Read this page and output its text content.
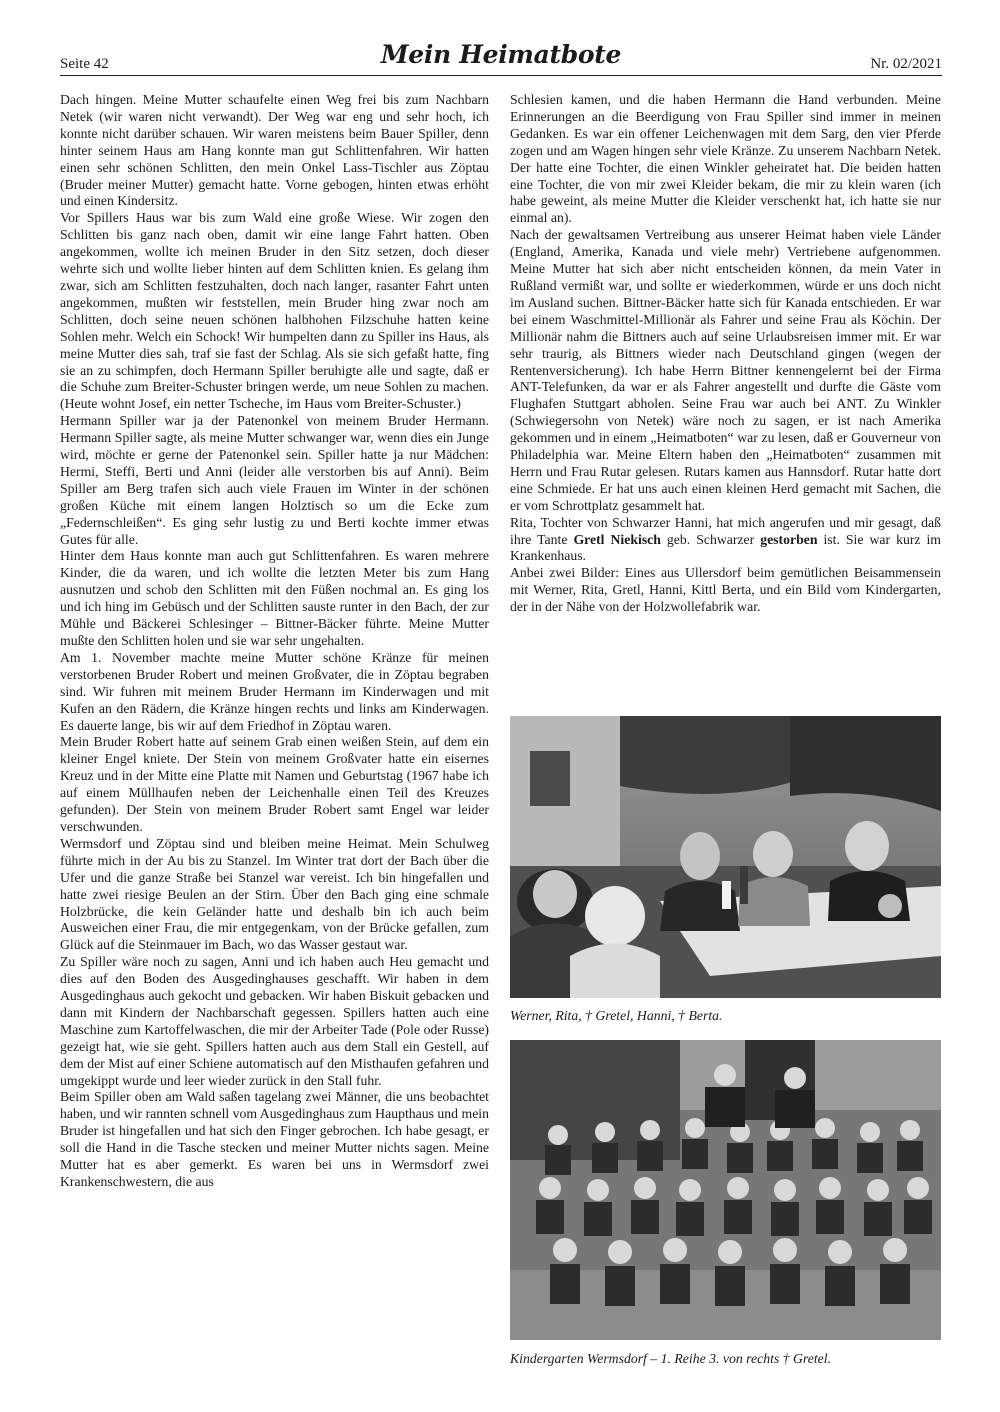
Seite 42	Mein Heimatbote	Nr. 02/2021

Dach hingen. Meine Mutter schaufelte einen Weg frei bis zum Nachbarn Netek (wir waren nicht verwandt). Der Weg war eng und sehr hoch, ich konnte nicht darüber schauen. Wir waren meistens beim Bauer Spiller, denn hinter seinem Haus am Hang konnte man gut Schlittenfahren. Wir hatten einen sehr schönen Schlitten, den mein Onkel Lass-Tischler aus Zöptau (Bruder meiner Mutter) gemacht hatte. Vorne gebogen, hinten etwas erhöht und einen Kindersitz.

Vor Spillers Haus war bis zum Wald eine große Wiese. Wir zogen den Schlitten bis ganz nach oben, damit wir eine lange Fahrt hatten. Oben angekommen, wollte ich meinen Bruder in den Sitz setzen, doch dieser wehrte sich und wollte lieber hinten auf dem Schlitten knien. Es gelang ihm zwar, sich am Schlitten festzuhalten, doch nach langer, rasanter Fahrt unten angekommen, mußten wir feststellen, mein Bruder hing zwar noch am Schlitten, doch seine neuen schönen halbhohen Filzschuhe hatten keine Sohlen mehr. Welch ein Schock! Wir humpelten dann zu Spiller ins Haus, als meine Mutter dies sah, traf sie fast der Schlag. Als sie sich gefaßt hatte, fing sie an zu schimpfen, doch Hermann Spiller beruhigte alle und sagte, daß er die Schuhe zum Breiter-Schuster bringen werde, um neue Sohlen zu machen. (Heute wohnt Josef, ein netter Tscheche, im Haus vom Breiter-Schuster.)

Hermann Spiller war ja der Patenonkel von meinem Bruder Hermann. Hermann Spiller sagte, als meine Mutter schwanger war, wenn dies ein Junge wird, möchte er gerne der Patenonkel sein. Spiller hatte ja nur Mädchen: Hermi, Steffi, Berti und Anni (leider alle verstorben bis auf Anni). Beim Spiller am Berg trafen sich auch viele Frauen im Winter in der schönen großen Küche mit einem langen Holztisch so um die Ecke zum „Federnschleißen“. Es ging sehr lustig zu und Berti kochte immer etwas Gutes für alle.

Hinter dem Haus konnte man auch gut Schlittenfahren. Es waren mehrere Kinder, die da waren, und ich wollte die letzten Meter bis zum Hang ausnutzen und schob den Schlitten mit den Füßen nochmal an. Es ging los und ich hing im Gebüsch und der Schlitten sauste runter in den Bach, der zur Mühle und Bäckerei Schlesinger – Bittner-Bäcker führte. Meine Mutter mußte den Schlitten holen und sie war sehr ungehalten.

Am 1. November machte meine Mutter schöne Kränze für meinen verstorbenen Bruder Robert und meinen Großvater, die in Zöptau begraben sind. Wir fuhren mit meinem Bruder Hermann im Kinderwagen und mit Kufen an den Rädern, die Kränze hingen rechts und links am Kinderwagen. Es dauerte lange, bis wir auf dem Friedhof in Zöptau waren.

Mein Bruder Robert hatte auf seinem Grab einen weißen Stein, auf dem ein kleiner Engel kniete. Der Stein von meinem Großvater hatte ein eisernes Kreuz und in der Mitte eine Platte mit Namen und Geburtstag (1967 habe ich auf einem Müllhaufen neben der Leichenhalle einen Teil des Kreuzes gefunden). Der Stein von meinem Bruder Robert samt Engel war leider verschwunden.

Wermsdorf und Zöptau sind und bleiben meine Heimat. Mein Schulweg führte mich in der Au bis zu Stanzel. Im Winter trat dort der Bach über die Ufer und die ganze Straße bei Stanzel war vereist. Ich bin hingefallen und hatte zwei riesige Beulen an der Stirn. Über den Bach ging eine schmale Holzbrücke, die kein Geländer hatte und deshalb bin ich auch beim Ausweichen einer Frau, die mir entgegenkam, von der Brücke gefallen, zum Glück auf die Steinmauer im Bach, wo das Wasser gestaut war.

Zu Spiller wäre noch zu sagen, Anni und ich haben auch Heu gemacht und dies auf den Boden des Ausgedinghauses geschafft. Wir haben in dem Ausgedinghaus auch gekocht und gebacken. Wir haben Biskuit gebacken und dann mit Kindern der Nachbarschaft gegessen. Spillers hatten auch eine Maschine zum Kartoffelwaschen, die mir der Arbeiter Tade (Pole oder Russe) gezeigt hat, wie sie geht. Spillers hatten auch aus dem Stall ein Gestell, auf dem der Mist auf einer Schiene automatisch auf den Misthaufen gefahren und umgekippt wurde und leer wieder zurück in den Stall fuhr.

Beim Spiller oben am Wald saßen tagelang zwei Männer, die uns beobachtet haben, und wir rannten schnell vom Ausgedinghaus zum Haupthaus und mein Bruder ist hingefallen und hat sich den Finger gebrochen. Ich habe gesagt, er soll die Hand in die Tasche stecken und meiner Mutter nichts sagen. Meine Mutter hat es aber gemerkt. Es waren bei uns in Wermsdorf zwei Krankenschwestern, die aus

Schlesien kamen, und die haben Hermann die Hand verbunden. Meine Erinnerungen an die Beerdigung von Frau Spiller sind immer in meinen Gedanken. Es war ein offener Leichenwagen mit dem Sarg, den vier Pferde zogen und am Wagen hingen sehr viele Kränze. Zu unserem Nachbarn Netek. Der hatte eine Tochter, die einen Winkler geheiratet hat. Die beiden hatten eine Tochter, die von mir zwei Kleider bekam, die mir zu klein waren (ich habe geweint, als meine Mutter die Kleider verschenkt hat, ich hatte sie nur einmal an).

Nach der gewaltsamen Vertreibung aus unserer Heimat haben viele Länder (England, Amerika, Kanada und viele mehr) Vertriebene aufgenommen. Meine Mutter hat sich aber nicht entscheiden können, da mein Vater in Rußland vermißt war, und sollte er wiederkommen, würde er uns doch nicht im Ausland suchen. Bittner-Bäcker hatte sich für Kanada entschieden. Er war bei einem Waschmittel-Millionär als Fahrer und seine Frau als Köchin. Der Millionär nahm die Bittners auch auf seine Urlaubsreisen immer mit. Er war sehr traurig, als Bittners wieder nach Deutschland gingen (wegen der Rentenversicherung). Ich habe Herrn Bittner kennengelernt bei der Firma ANT-Telefunken, da war er als Fahrer angestellt und durfte die Gäste vom Flughafen Stuttgart abholen. Seine Frau war auch bei ANT. Zu Winkler (Schwiegersohn von Netek) wäre noch zu sagen, er ist nach Amerika gekommen und in einem „Heimatboten“ war zu lesen, daß er Gouverneur von Philadelphia war. Meine Eltern haben den „Heimatboten“ zusammen mit Herrn und Frau Rutar gelesen. Rutars kamen aus Hannsdorf. Rutar hatte dort eine Schmiede. Er hat uns auch einen kleinen Herd gemacht mit Sachen, die er vom Schrottplatz gesammelt hat.

Rita, Tochter von Schwarzer Hanni, hat mich angerufen und mir gesagt, daß ihre Tante Gretl Niekisch geb. Schwarzer gestorben ist. Sie war kurz im Krankenhaus.

Anbei zwei Bilder: Eines aus Ullersdorf beim gemütlichen Beisammensein mit Werner, Rita, Gretl, Hanni, Kittl Berta, und ein Bild vom Kindergarten, der in der Nähe von der Holzwollefabrik war.

Werner, Rita, † Gretel, Hanni, † Berta.
Kindergarten Wermsdorf – 1. Reihe 3. von rechts † Gretel.
